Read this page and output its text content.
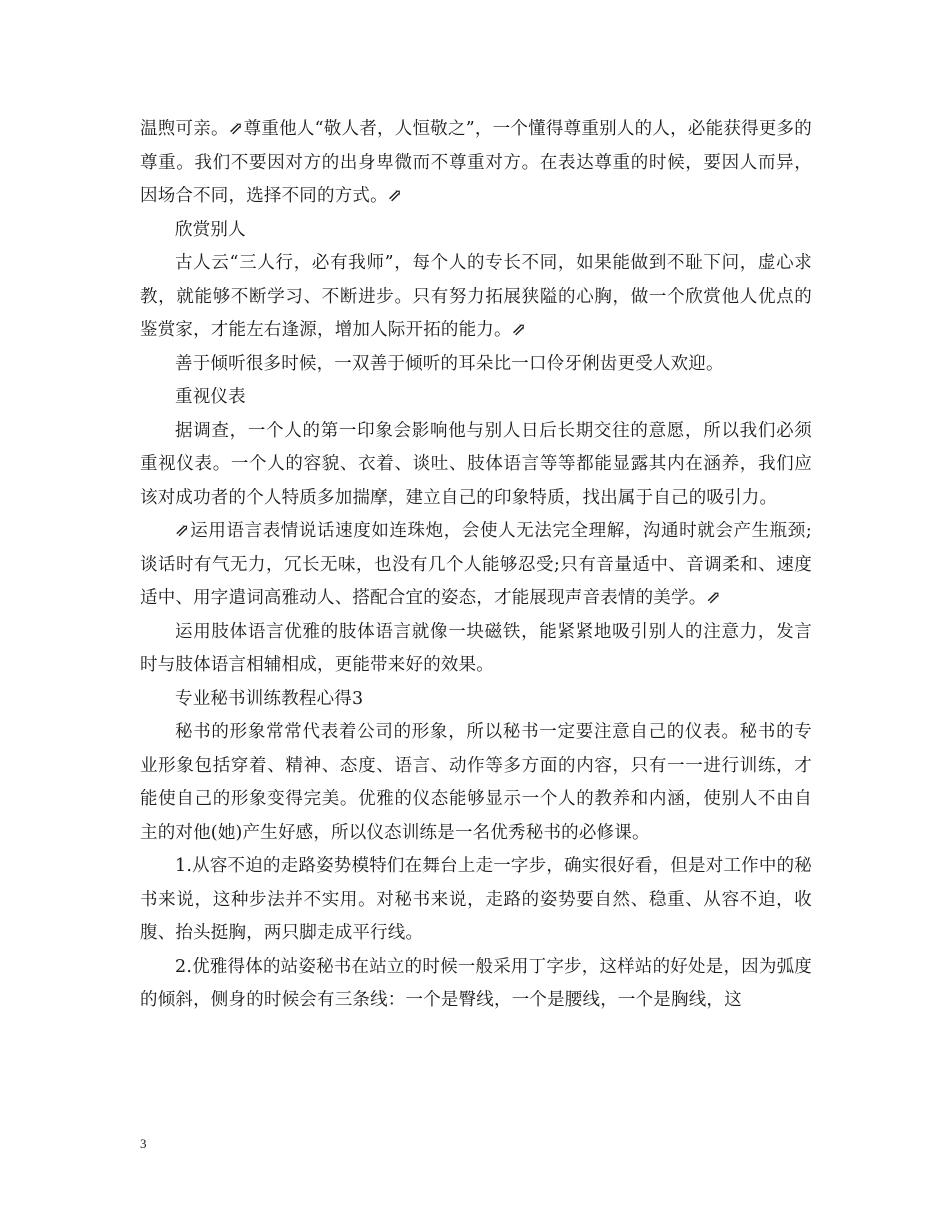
温煦可亲。⇗尊重他人“敬人者，人恒敬之”，一个懂得尊重别人的人，必能获得更多的尊重。我们不要因对方的出身卑微而不尊重对方。在表达尊重的时候，要因人而异，因场合不同，选择不同的方式。⇗

欣赏别人

古人云“三人行，必有我师”，每个人的专长不同，如果能做到不耻下问，虚心求教，就能够不断学习、不断进步。只有努力拓展狭隘的心胸，做一个欣赏他人优点的鉴赏家，才能左右逢源，增加人际开拓的能力。⇗

善于倾听很多时候，一双善于倾听的耳朵比一口伶牙俐齿更受人欢迎。

重视仪表

据调查，一个人的第一印象会影响他与别人日后长期交往的意愿，所以我们必须重视仪表。一个人的容貌、衣着、谈吐、肢体语言等等都能显露其内在涵养，我们应该对成功者的个人特质多加揣摩，建立自己的印象特质，找出属于自己的吸引力。

⇗运用语言表情说话速度如连珠炮，会使人无法完全理解，沟通时就会产生瓶颈;谈话时有气无力，冗长无味，也没有几个人能够忍受;只有音量适中、音调柔和、速度适中、用字遣词高雅动人、搭配合宜的姿态，才能展现声音表情的美学。⇗

运用肢体语言优雅的肢体语言就像一块磁铁，能紧紧地吸引别人的注意力，发言时与肢体语言相辅相成，更能带来好的效果。

专业秘书训练教程心得3

秘书的形象常常代表着公司的形象，所以秘书一定要注意自己的仪表。秘书的专业形象包括穿着、精神、态度、语言、动作等多方面的内容，只有一一进行训练，才能使自己的形象变得完美。优雅的仪态能够显示一个人的教养和内涵，使别人不由自主的对他(她)产生好感，所以仪态训练是一名优秀秘书的必修课。

1.从容不迫的走路姿势模特们在舞台上走一字步，确实很好看，但是对工作中的秘书来说，这种步法并不实用。对秘书来说，走路的姿势要自然、稳重、从容不迫，收腹、抬头挺胸，两只脚走成平行线。

2.优雅得体的站姿秘书在站立的时候一般采用丁字步，这样站的好处是，因为弧度的倾斜，侧身的时候会有三条线：一个是臀线，一个是腰线，一个是胸线，这

3
